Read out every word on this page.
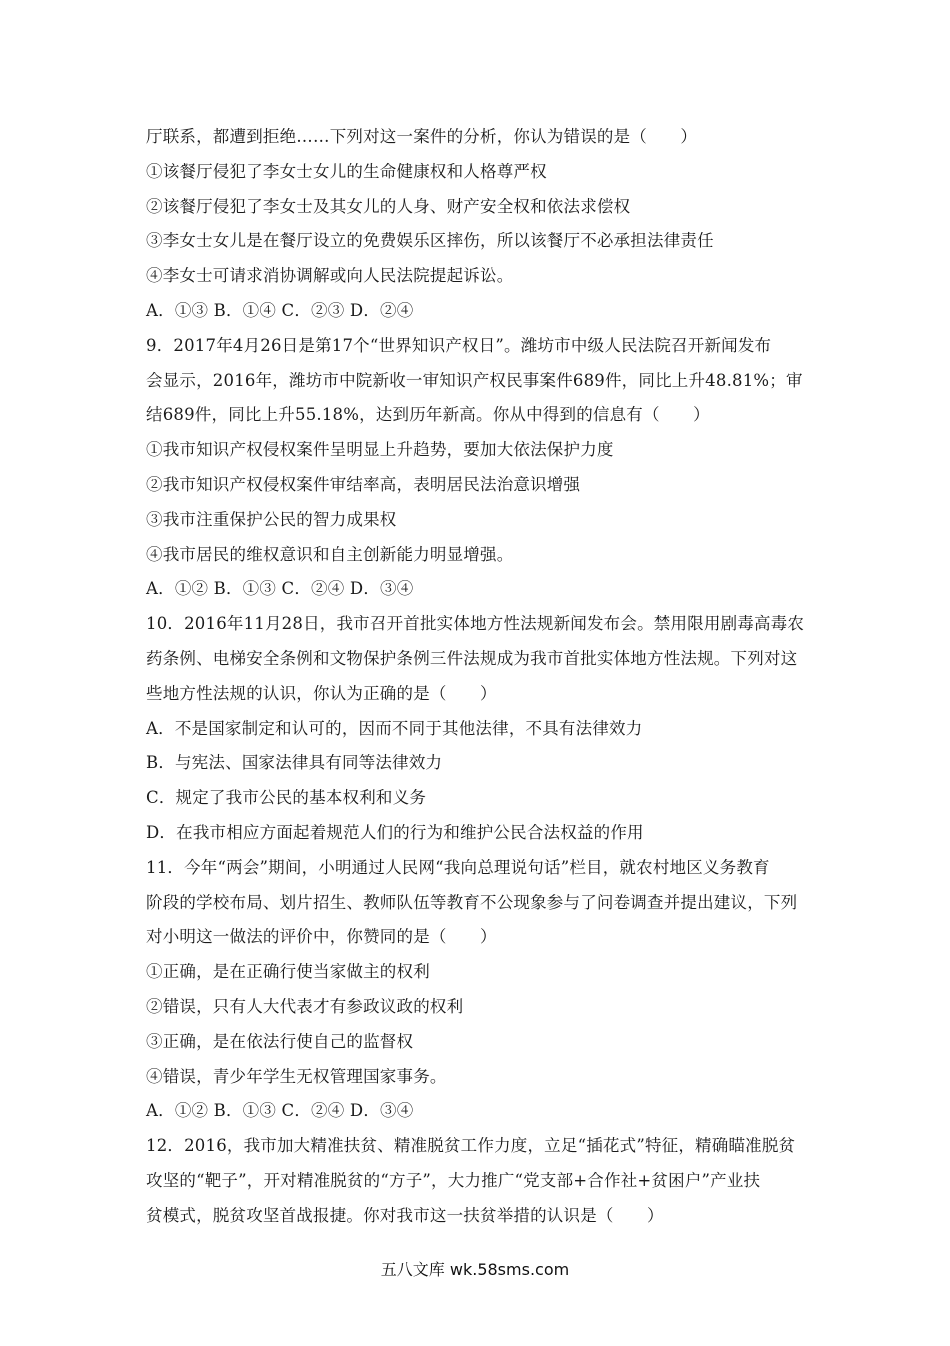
厅联系，都遭到拒绝……下列对这一案件的分析，你认为错误的是（　　）
①该餐厅侵犯了李女士女儿的生命健康权和人格尊严权
②该餐厅侵犯了李女士及其女儿的人身、财产安全权和依法求偿权
③李女士女儿是在餐厅设立的免费娱乐区摔伤，所以该餐厅不必承担法律责任
④李女士可请求消协调解或向人民法院提起诉讼。
A．①③ B．①④ C．②③ D．②④
9．2017年4月26日是第17个“世界知识产权日”。潍坊市中级人民法院召开新闻发布
会显示，2016年，潍坊市中院新收一审知识产权民事案件689件，同比上升48.81%；审
结689件，同比上升55.18%，达到历年新高。你从中得到的信息有（　　）
①我市知识产权侵权案件呈明显上升趋势，要加大依法保护力度
②我市知识产权侵权案件审结率高，表明居民法治意识增强
③我市注重保护公民的智力成果权
④我市居民的维权意识和自主创新能力明显增强。
A．①② B．①③ C．②④ D．③④
10．2016年11月28日，我市召开首批实体地方性法规新闻发布会。禁用限用剧毒高毒农
药条例、电梯安全条例和文物保护条例三件法规成为我市首批实体地方性法规。下列对这
些地方性法规的认识，你认为正确的是（　　）
A．不是国家制定和认可的，因而不同于其他法律，不具有法律效力
B．与宪法、国家法律具有同等法律效力
C．规定了我市公民的基本权利和义务
D．在我市相应方面起着规范人们的行为和维护公民合法权益的作用
11．今年“两会”期间，小明通过人民网“我向总理说句话”栏目，就农村地区义务教育
阶段的学校布局、划片招生、教师队伍等教育不公现象参与了问卷调查并提出建议，下列
对小明这一做法的评价中，你赞同的是（　　）
①正确，是在正确行使当家做主的权利
②错误，只有人大代表才有参政议政的权利
③正确，是在依法行使自己的监督权
④错误，青少年学生无权管理国家事务。
A．①② B．①③ C．②④ D．③④
12．2016，我市加大精准扶贫、精准脱贫工作力度，立足“插花式”特征，精确瞄准脱贫
攻坚的“靶子”，开对精准脱贫的“方子”，大力推广“党支部+合作社+贫困户”产业扶
贫模式，脱贫攻坚首战报捷。你对我市这一扶贫举措的认识是（　　）
五八文库 wk.58sms.com
